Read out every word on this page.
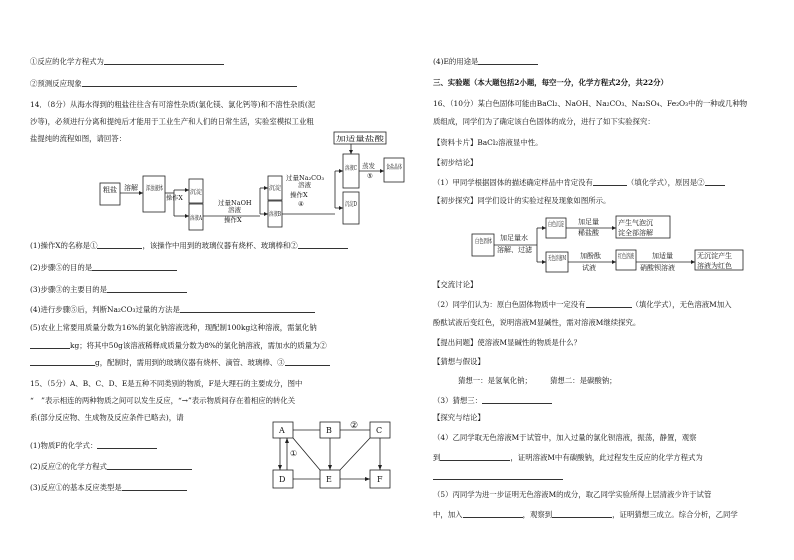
①反应的化学方程式为
②预测反应现象
14．（8分）从海水得到的粗盐往往含有可溶性杂质(氯化镁、氯化钙等)和不溶性杂质(泥
沙等)，必须进行分离和提纯后才能用于工业生产和人们的日常生活，实验室模拟工业粗
盐提纯的流程如图，请回答：
粗盐 溶解 浑浊液体
操作X
沉淀
溶液A
过量NaOH
溶液
操作X
沉淀
溶液B
过量Na₂CO₃
溶液
操作X
④
加适量盐酸
溶液C
沉淀D
蒸发
⑤
食盐晶体
(1)操作X的名称是①	，该操作中用到的玻璃仪器有烧杯、玻璃棒和②
(2)步骤⑤的目的是
(3)步骤③的主要目的是
(4)进行步骤⑤后，判断Na₂CO₃过量的方法是
(5)农业上常要用质量分数为16%的氯化钠溶液选种，现配制100kg这种溶液，需氯化钠
kg；将其中50g该溶液稀释成质量分数为8%的氯化钠溶液，需加水的质量为②
g，配制时，需用到的玻璃仪器有烧杯、滴管、玻璃棒、③
15、（5分）A、B、C、D、E是五种不同类别的物质，F是大理石的主要成分，图中
“　”表示相连的两种物质之间可以发生反应，“→”表示物质间存在着相应的转化关
系(部分反应物、生成物及反应条件已略去)，请
(1)物质F的化学式：
(2)反应②的化学方程式
(3)反应①的基本反应类型是
A	B	C
D	E	F
②
①
(4)E的用途是
三、实验题（本大题包括2小题，每空一分，化学方程式2分，共22分）
16、（10分）某白色固体可能由BaCl₂、NaOH、Na₂CO₃、Na₂SO₄、Fe₂O₃中的一种或几种物
质组成，同学们为了确定该白色固体的成分，进行了如下实验探究：
【资料卡片】BaCl₂溶液显中性。
【初步结论】
（1）甲同学根据固体的描述确定样品中肯定没有	（填化学式），原因是②
【初步探究】同学们设计的实验过程及现象如图所示。
白色固体 加足量水
溶解、过滤
白色沉淀 加足量
稀盐酸
产生气泡沉
淀全部溶解
无色溶液M 加酚酞
试液
红色溶液 加适量
硝酸钡溶液
无沉淀产生
溶液为红色
【交流讨论】
（2）同学们认为：原白色固体物质中一定没有	（填化学式），无色溶液M加入
酚酞试液后变红色，说明溶液M显碱性，需对溶液M继续探究。
【提出问题】使溶液M显碱性的物质是什么？
【猜想与假设】
猜想一：是氢氧化钠； 猜想二：是碳酸钠；
（3）猜想三：
【探究与结论】
（4）乙同学取无色溶液M于试管中，加入过量的氯化钡溶液，振荡，静置，观察
到	，证明溶液M中有碳酸钠，此过程发生反应的化学方程式为
（5）丙同学为进一步证明无色溶液M的成分，取乙同学实验所得上层清液少许于试管
中，加入	，观察到	，证明猜想三成立。综合分析，乙同学
